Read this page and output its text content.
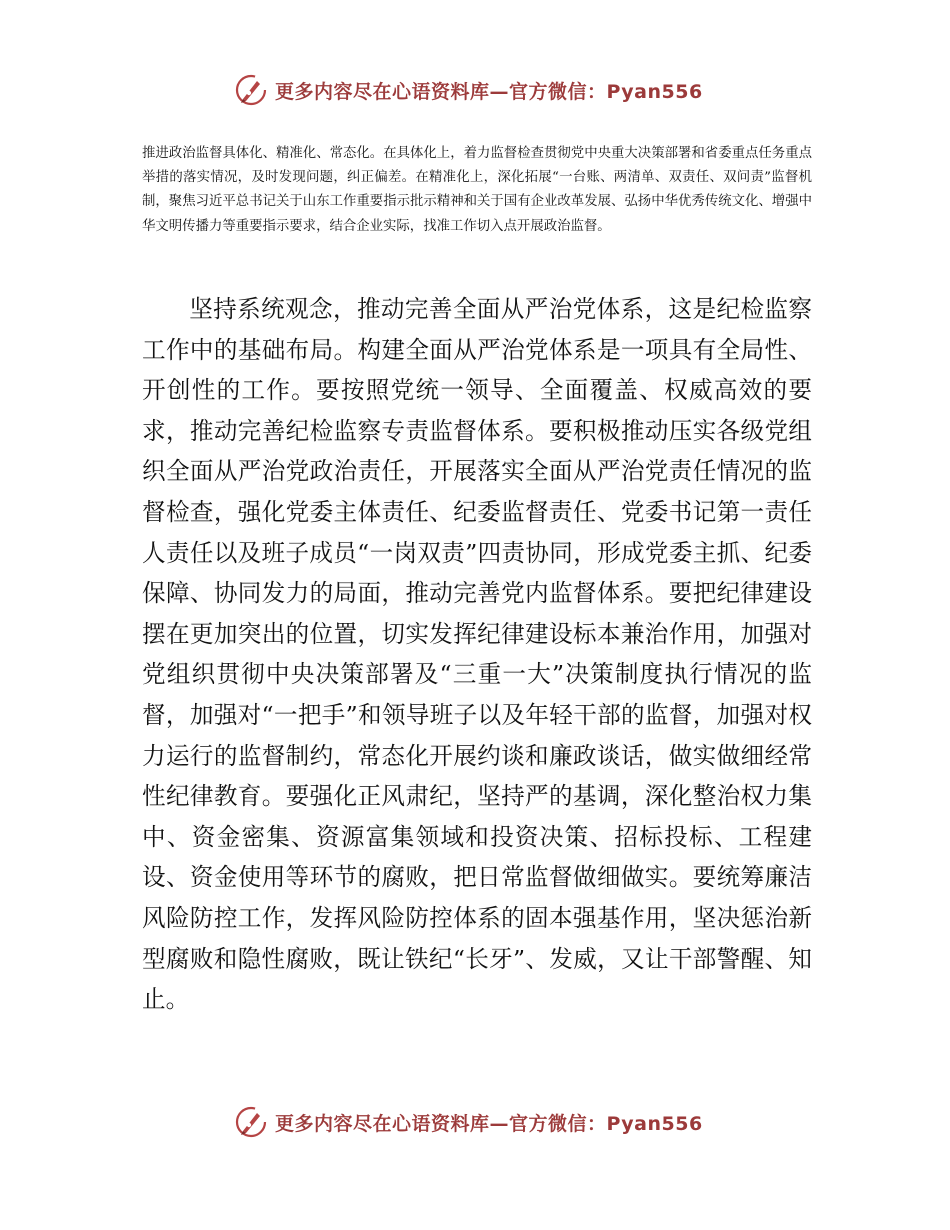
更多内容尽在心语资料库—官方微信：Pyan556

推进政治监督具体化、精准化、常态化。在具体化上，着力监督检查贯彻党中央重大决策部署和省委重点任务重点举措的落实情况，及时发现问题，纠正偏差。在精准化上，深化拓展“一台账、两清单、双责任、双问责”监督机制，聚焦习近平总书记关于山东工作重要指示批示精神和关于国有企业改革发展、弘扬中华优秀传统文化、增强中华文明传播力等重要指示要求，结合企业实际，找准工作切入点开展政治监督。

坚持系统观念，推动完善全面从严治党体系，这是纪检监察工作中的基础布局。构建全面从严治党体系是一项具有全局性、开创性的工作。要按照党统一领导、全面覆盖、权威高效的要求，推动完善纪检监察专责监督体系。要积极推动压实各级党组织全面从严治党政治责任，开展落实全面从严治党责任情况的监督检查，强化党委主体责任、纪委监督责任、党委书记第一责任人责任以及班子成员“一岗双责”四责协同，形成党委主抓、纪委保障、协同发力的局面，推动完善党内监督体系。要把纪律建设摆在更加突出的位置，切实发挥纪律建设标本兼治作用，加强对党组织贯彻中央决策部署及“三重一大”决策制度执行情况的监督，加强对“一把手”和领导班子以及年轻干部的监督，加强对权力运行的监督制约，常态化开展约谈和廉政谈话，做实做细经常性纪律教育。要强化正风肃纪，坚持严的基调，深化整治权力集中、资金密集、资源富集领域和投资决策、招标投标、工程建设、资金使用等环节的腐败，把日常监督做细做实。要统筹廉洁风险防控工作，发挥风险防控体系的固本强基作用，坚决惩治新型腐败和隐性腐败，既让铁纪“长牙”、发威，又让干部警醒、知止。

更多内容尽在心语资料库—官方微信：Pyan556
